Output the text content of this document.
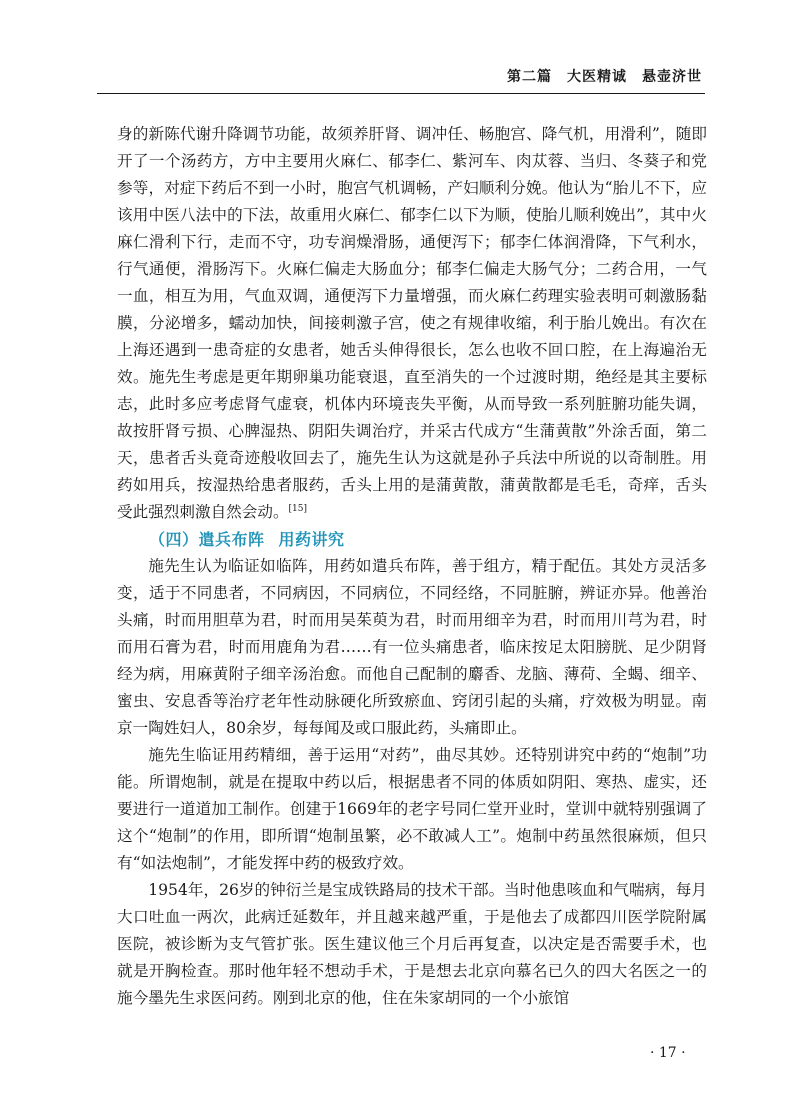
第二篇　大医精诚　悬壶济世

身的新陈代谢升降调节功能，故须养肝肾、调冲任、畅胞宫、降气机，用滑利”，随即开了一个汤药方，方中主要用火麻仁、郁李仁、紫河车、肉苁蓉、当归、冬葵子和党参等，对症下药后不到一小时，胞宫气机调畅，产妇顺利分娩。他认为“胎儿不下，应该用中医八法中的下法，故重用火麻仁、郁李仁以下为顺，使胎儿顺利娩出”，其中火麻仁滑利下行，走而不守，功专润燥滑肠，通便泻下；郁李仁体润滑降，下气利水，行气通便，滑肠泻下。火麻仁偏走大肠血分；郁李仁偏走大肠气分；二药合用，一气一血，相互为用，气血双调，通便泻下力量增强，而火麻仁药理实验表明可刺激肠黏膜，分泌增多，蠕动加快，间接刺激子宫，使之有规律收缩，利于胎儿娩出。有次在上海还遇到一患奇症的女患者，她舌头伸得很长，怎么也收不回口腔，在上海遍治无效。施先生考虑是更年期卵巢功能衰退，直至消失的一个过渡时期，绝经是其主要标志，此时多应考虑肾气虚衰，机体内环境丧失平衡，从而导致一系列脏腑功能失调，故按肝肾亏损、心脾湿热、阴阳失调治疗，并采古代成方“生蒲黄散”外涂舌面，第二天，患者舌头竟奇迹般收回去了，施先生认为这就是孙子兵法中所说的以奇制胜。用药如用兵，按湿热给患者服药，舌头上用的是蒲黄散，蒲黄散都是毛毛，奇痒，舌头受此强烈刺激自然会动。[15]

（四）遣兵布阵 用药讲究

施先生认为临证如临阵，用药如遣兵布阵，善于组方，精于配伍。其处方灵活多变，适于不同患者，不同病因，不同病位，不同经络，不同脏腑，辨证亦异。他善治头痛，时而用胆草为君，时而用吴茱萸为君，时而用细辛为君，时而用川芎为君，时而用石膏为君，时而用鹿角为君……有一位头痛患者，临床按足太阳膀胱、足少阴肾经为病，用麻黄附子细辛汤治愈。而他自己配制的麝香、龙脑、薄荷、全蝎、细辛、蜜虫、安息香等治疗老年性动脉硬化所致瘀血、窍闭引起的头痛，疗效极为明显。南京一陶姓妇人，80余岁，每每闻及或口服此药，头痛即止。

施先生临证用药精细，善于运用“对药”，曲尽其妙。还特别讲究中药的“炮制”功能。所谓炮制，就是在提取中药以后，根据患者不同的体质如阴阳、寒热、虚实，还要进行一道道加工制作。创建于1669年的老字号同仁堂开业时，堂训中就特别强调了这个“炮制”的作用，即所谓“炮制虽繁，必不敢减人工”。炮制中药虽然很麻烦，但只有“如法炮制”，才能发挥中药的极致疗效。

1954年，26岁的钟衍兰是宝成铁路局的技术干部。当时他患咳血和气喘病，每月大口吐血一两次，此病迁延数年，并且越来越严重，于是他去了成都四川医学院附属医院，被诊断为支气管扩张。医生建议他三个月后再复查，以决定是否需要手术，也就是开胸检查。那时他年轻不想动手术，于是想去北京向慕名已久的四大名医之一的施今墨先生求医问药。刚到北京的他，住在朱家胡同的一个小旅馆

· 17 ·
